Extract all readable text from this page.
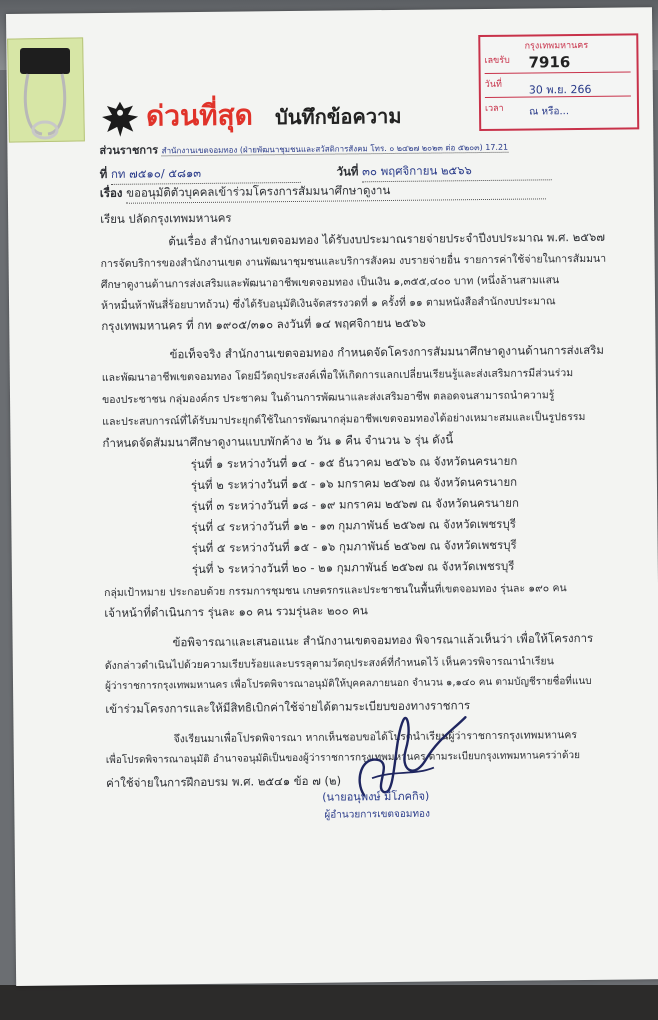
กรุงเทพมหานคร
เลขรับ 7916
วันที่ 30 พ.ย. 266
เวลา	ณ หรือ...
ด่วนที่สุด บันทึกข้อความ
ส่วนราชการ สำนักงานเขตจอมทอง (ฝ่ายพัฒนาชุมชนและสวัสดิการสังคม โทร. ๐ ๒๔๒๗ ๒๐๒๓ ต่อ ๕๒๐๓) 17.21
ที่ กท ๗๕๑๐/ ๕๘๑๓	วันที่ ๓๐ พฤศจิกายน ๒๕๖๖
เรื่อง ขออนุมัติตัวบุคคลเข้าร่วมโครงการสัมมนาศึกษาดูงาน
เรียน ปลัดกรุงเทพมหานคร
ต้นเรื่อง สำนักงานเขตจอมทอง ได้รับงบประมาณรายจ่ายประจำปีงบประมาณ พ.ศ. ๒๕๖๗
การจัดบริการของสำนักงานเขต งานพัฒนาชุมชนและบริการสังคม งบรายจ่ายอื่น รายการค่าใช้จ่ายในการสัมมนา
ศึกษาดูงานด้านการส่งเสริมและพัฒนาอาชีพเขตจอมทอง เป็นเงิน ๑,๓๕๕,๔๐๐ บาท (หนึ่งล้านสามแสน
ห้าหมื่นห้าพันสี่ร้อยบาทถ้วน) ซึ่งได้รับอนุมัติเงินจัดสรรงวดที่ ๑ ครั้งที่ ๑๑ ตามหนังสือสำนักงบประมาณ
กรุงเทพมหานคร ที่ กท ๑๙๐๕/๓๑๐ ลงวันที่ ๑๔ พฤศจิกายน ๒๕๖๖
ข้อเท็จจริง สำนักงานเขตจอมทอง กำหนดจัดโครงการสัมมนาศึกษาดูงานด้านการส่งเสริม
และพัฒนาอาชีพเขตจอมทอง โดยมีวัตถุประสงค์เพื่อให้เกิดการแลกเปลี่ยนเรียนรู้และส่งเสริมการมีส่วนร่วม
ของประชาชน กลุ่มองค์กร ประชาคม ในด้านการพัฒนาและส่งเสริมอาชีพ ตลอดจนสามารถนำความรู้
และประสบการณ์ที่ได้รับมาประยุกต์ใช้ในการพัฒนากลุ่มอาชีพเขตจอมทองได้อย่างเหมาะสมและเป็นรูปธรรม
กำหนดจัดสัมมนาศึกษาดูงานแบบพักค้าง ๒ วัน ๑ คืน จำนวน ๖ รุ่น ดังนี้
รุ่นที่ ๑ ระหว่างวันที่ ๑๔ - ๑๕ ธันวาคม ๒๕๖๖ ณ จังหวัดนครนายก
รุ่นที่ ๒ ระหว่างวันที่ ๑๕ - ๑๖ มกราคม ๒๕๖๗ ณ จังหวัดนครนายก
รุ่นที่ ๓ ระหว่างวันที่ ๑๘ - ๑๙ มกราคม ๒๕๖๗ ณ จังหวัดนครนายก
รุ่นที่ ๔ ระหว่างวันที่ ๑๒ - ๑๓ กุมภาพันธ์ ๒๕๖๗ ณ จังหวัดเพชรบุรี
รุ่นที่ ๕ ระหว่างวันที่ ๑๕ - ๑๖ กุมภาพันธ์ ๒๕๖๗ ณ จังหวัดเพชรบุรี
รุ่นที่ ๖ ระหว่างวันที่ ๒๐ - ๒๑ กุมภาพันธ์ ๒๕๖๗ ณ จังหวัดเพชรบุรี
กลุ่มเป้าหมาย ประกอบด้วย กรรมการชุมชน เกษตรกรและประชาชนในพื้นที่เขตจอมทอง รุ่นละ ๑๙๐ คน
เจ้าหน้าที่ดำเนินการ รุ่นละ ๑๐ คน รวมรุ่นละ ๒๐๐ คน
ข้อพิจารณาและเสนอแนะ สำนักงานเขตจอมทอง พิจารณาแล้วเห็นว่า เพื่อให้โครงการ
ดังกล่าวดำเนินไปด้วยความเรียบร้อยและบรรลุตามวัตถุประสงค์ที่กำหนดไว้ เห็นควรพิจารณานำเรียน
ผู้ว่าราชการกรุงเทพมหานคร เพื่อโปรดพิจารณาอนุมัติให้บุคคลภายนอก จำนวน ๑,๑๔๐ คน ตามบัญชีรายชื่อที่แนบ
เข้าร่วมโครงการและให้มีสิทธิเบิกค่าใช้จ่ายได้ตามระเบียบของทางราชการ
จึงเรียนมาเพื่อโปรดพิจารณา หากเห็นชอบขอได้โปรดนำเรียนผู้ว่าราชการกรุงเทพมหานคร
เพื่อโปรดพิจารณาอนุมัติ อำนาจอนุมัติเป็นของผู้ว่าราชการกรุงเทพมหานคร ตามระเบียบกรุงเทพมหานครว่าด้วย
ค่าใช้จ่ายในการฝึกอบรม พ.ศ. ๒๕๔๑ ข้อ ๗ (๒)
(นายอนุพงษ์ มีโภคกิจ)
ผู้อำนวยการเขตจอมทอง
